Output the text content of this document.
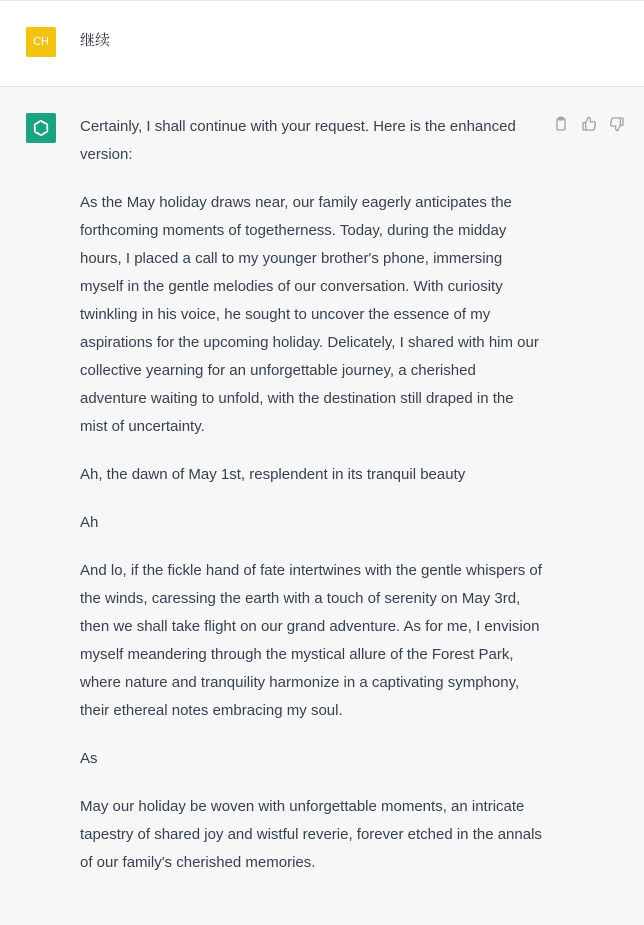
CH	继续

Certainly, I shall continue with your request. Here is the enhanced version:

As the May holiday draws near, our family eagerly anticipates the forthcoming moments of togetherness. Today, during the midday hours, I placed a call to my younger brother's phone, immersing myself in the gentle melodies of our conversation. With curiosity twinkling in his voice, he sought to uncover the essence of my aspirations for the upcoming holiday. Delicately, I shared with him our collective yearning for an unforgettable journey, a cherished adventure waiting to unfold, with the destination still draped in the mist of uncertainty.

Ah, the dawn of May 1st, resplendent in its tranquil beauty

Ah

And lo, if the fickle hand of fate intertwines with the gentle whispers of the winds, caressing the earth with a touch of serenity on May 3rd, then we shall take flight on our grand adventure. As for me, I envision myself meandering through the mystical allure of the Forest Park, where nature and tranquility harmonize in a captivating symphony, their ethereal notes embracing my soul.

As

May our holiday be woven with unforgettable moments, an intricate tapestry of shared joy and wistful reverie, forever etched in the annals of our family's cherished memories.
